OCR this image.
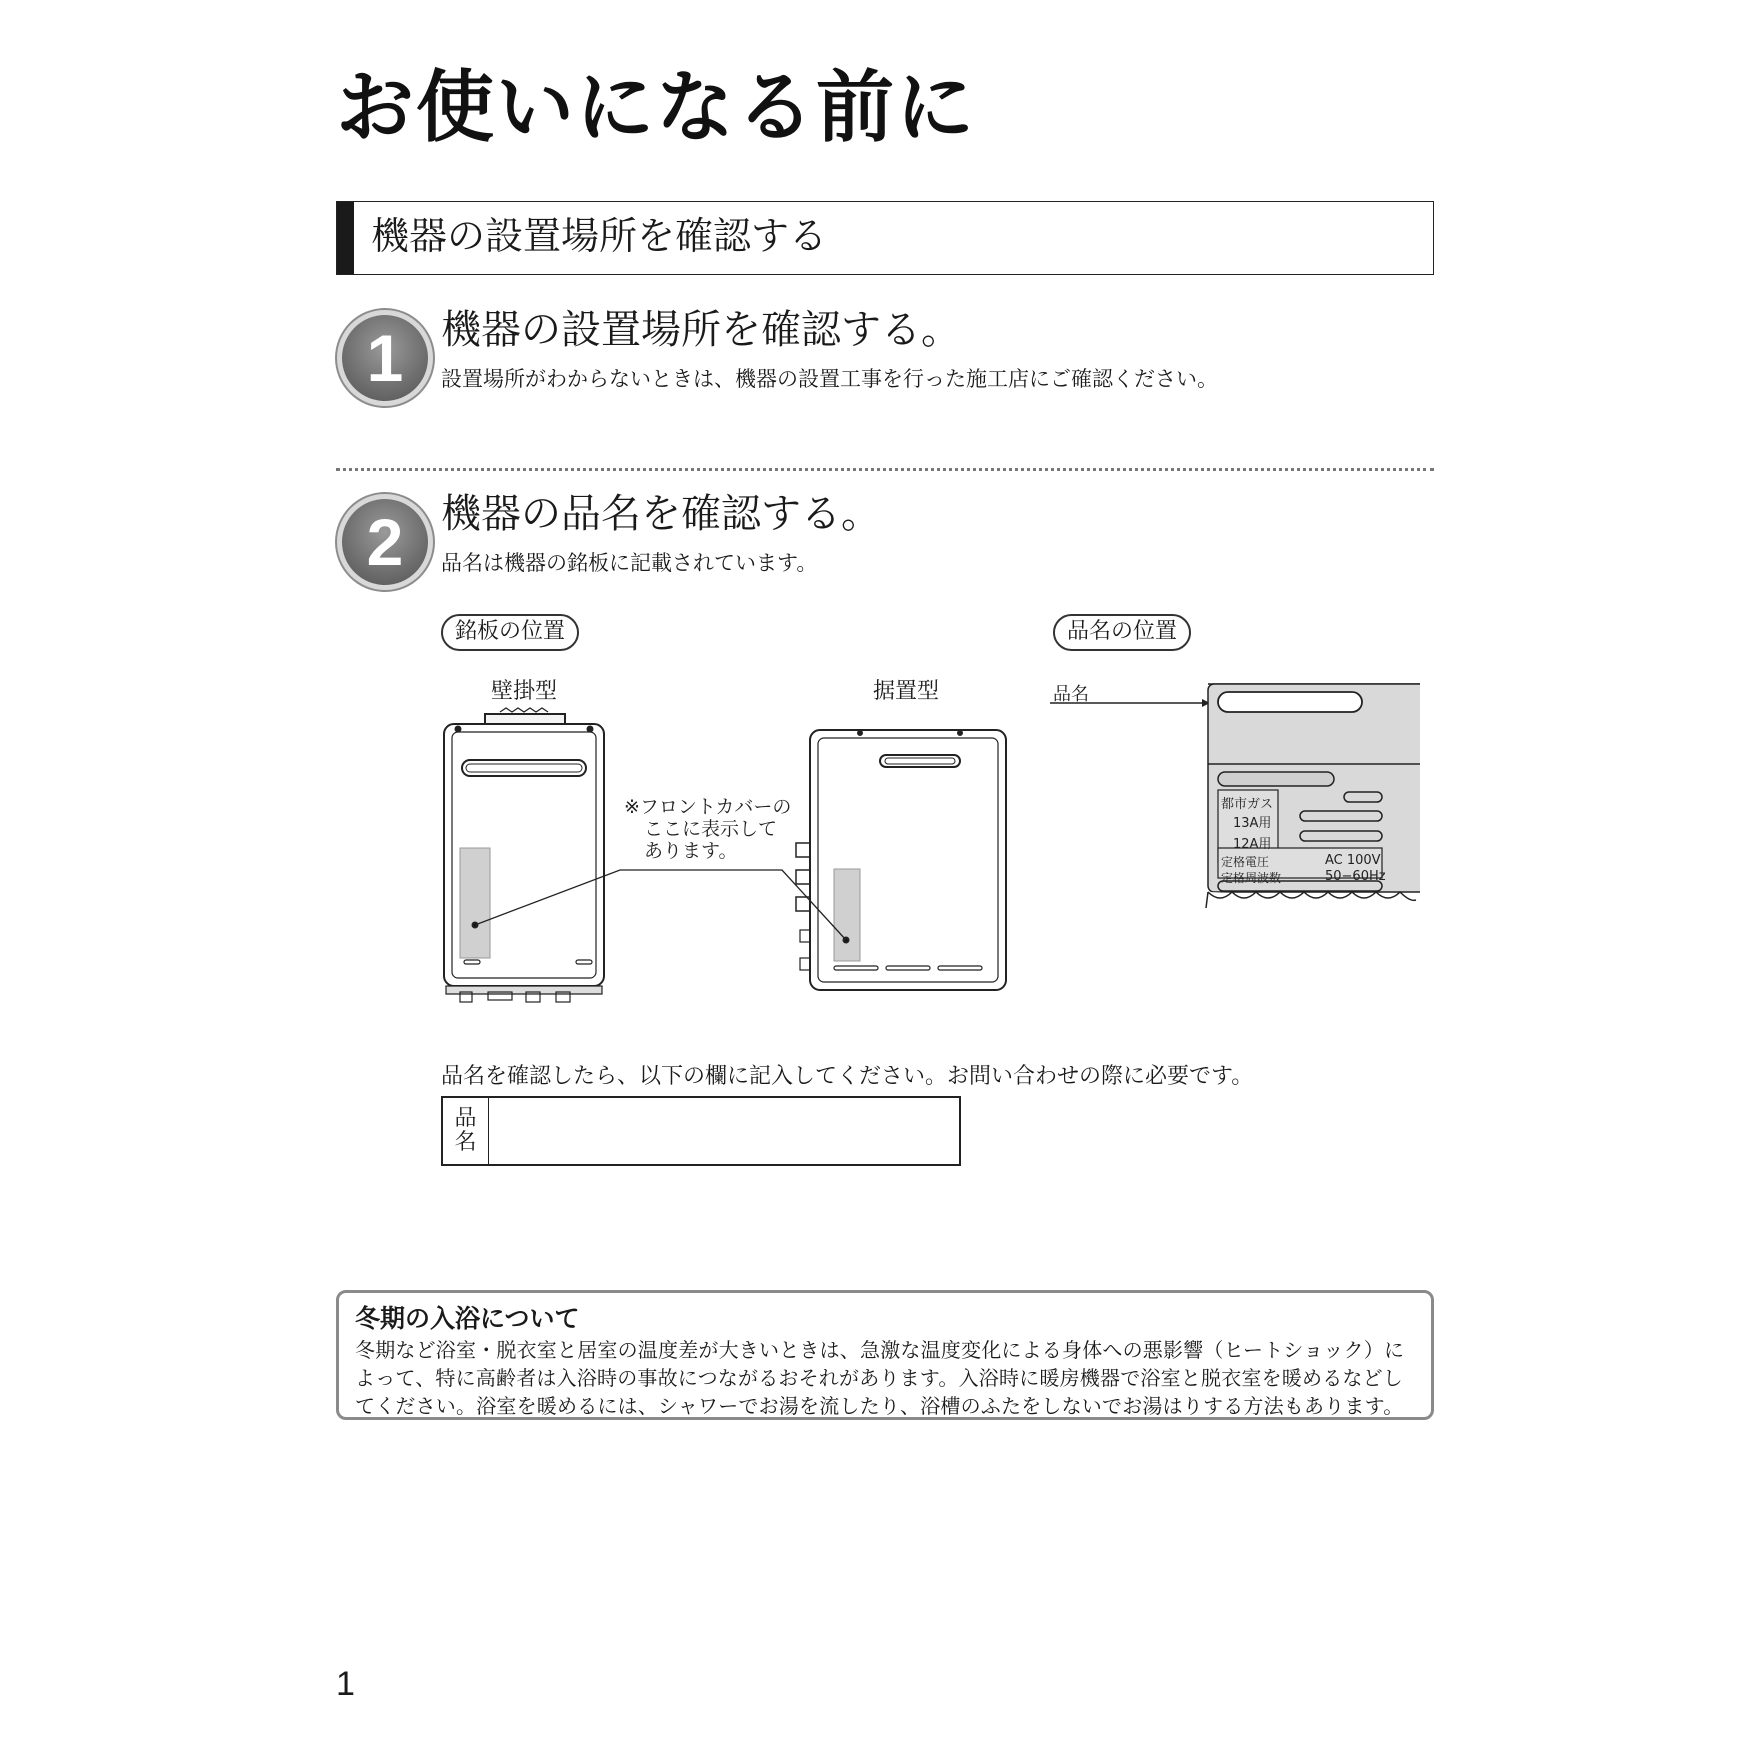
お使いになる前に
機器の設置場所を確認する
1 機器の設置場所を確認する。
設置場所がわからないときは、機器の設置工事を行った施工店にご確認ください。
2 機器の品名を確認する。
品名は機器の銘板に記載されています。
銘板の位置	品名の位置
壁掛型	据置型
※フロントカバーの
ここに表示して
あります。
品名
都市ガス
13A用
12A用
定格電圧	AC 100V
定格周波数	50−60Hz
品名を確認したら、以下の欄に記入してください。お問い合わせの際に必要です。
品
名
冬期の入浴について
冬期など浴室・脱衣室と居室の温度差が大きいときは、急激な温度変化による身体への悪影響（ヒートショック）に
よって、特に高齢者は入浴時の事故につながるおそれがあります。入浴時に暖房機器で浴室と脱衣室を暖めるなどし
てください。浴室を暖めるには、シャワーでお湯を流したり、浴槽のふたをしないでお湯はりする方法もあります。
1
